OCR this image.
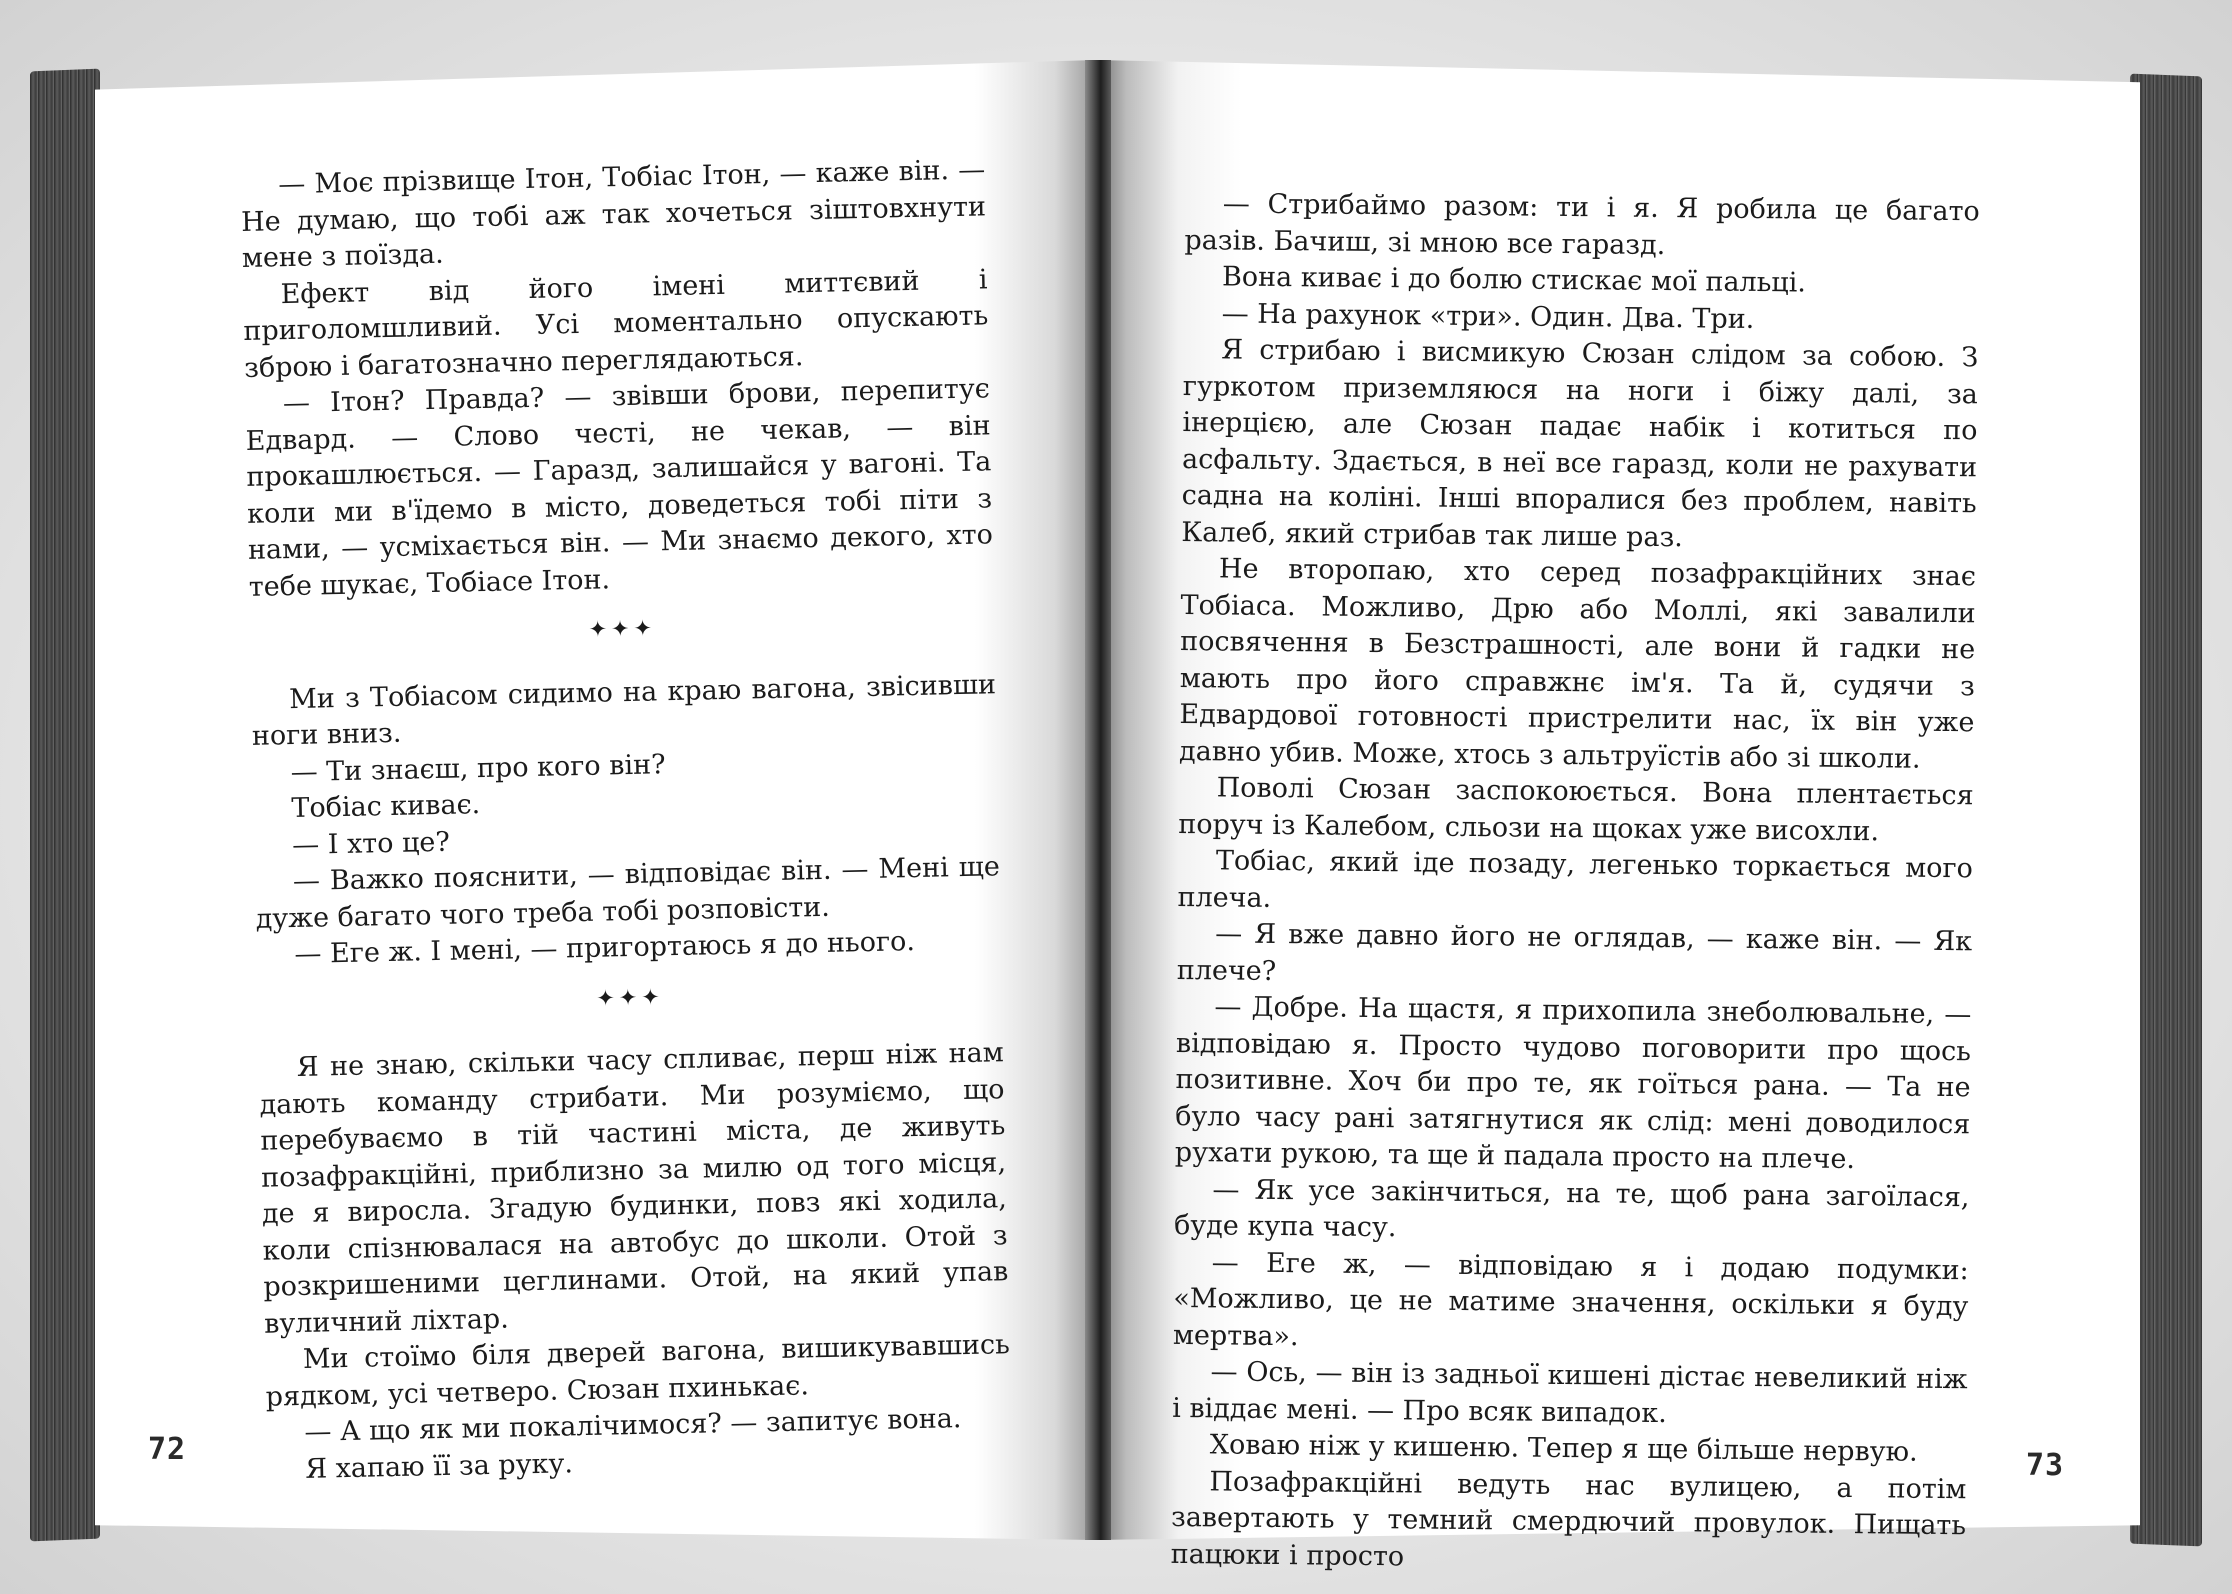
— Моє прізвище Ітон, Тобіас Ітон, — каже він. — Не думаю, що тобі аж так хочеться зіштовхнути мене з поїзда.

Ефект від його імені миттєвий і приголомшливий. Усі моментально опускають зброю і багатозначно переглядаються.

— Ітон? Правда? — звівши брови, перепитує Едвард. — Слово честі, не чекав, — він прокашлюється. — Гаразд, залишайся у вагоні. Та коли ми в'їдемо в місто, доведеться тобі піти з нами, — усміхається він. — Ми знаємо декого, хто тебе шукає, Тобіасе Ітон.

✦✦✦

Ми з Тобіасом сидимо на краю вагона, звісивши ноги вниз.

— Ти знаєш, про кого він?

Тобіас киває.

— І хто це?

— Важко пояснити, — відповідає він. — Мені ще дуже багато чого треба тобі розповісти.

— Еге ж. І мені, — пригортаюсь я до нього.

✦✦✦

Я не знаю, скільки часу спливає, перш ніж нам дають команду стрибати. Ми розуміємо, що перебуваємо в тій частині міста, де живуть позафракційні, приблизно за милю од того місця, де я виросла. Згадую будинки, повз які ходила, коли спізнювалася на автобус до школи. Отой з розкришеними цеглинами. Отой, на який упав вуличний ліхтар.

Ми стоїмо біля дверей вагона, вишикувавшись рядком, усі четверо. Сюзан пхинькає.

— А що як ми покалічимося? — запитує вона.

Я хапаю її за руку.

72

— Стрибаймо разом: ти і я. Я робила це багато разів. Бачиш, зі мною все гаразд.

Вона киває і до болю стискає мої пальці.

— На рахунок «три». Один. Два. Три.

Я стрибаю і висмикую Сюзан слідом за собою. З гуркотом приземляюся на ноги і біжу далі, за інерцією, але Сюзан падає набік і котиться по асфальту. Здається, в неї все гаразд, коли не рахувати садна на коліні. Інші впоралися без проблем, навіть Калеб, який стрибав так лише раз.

Не второпаю, хто серед позафракційних знає Тобіаса. Можливо, Дрю або Моллі, які завалили посвячення в Безстрашності, але вони й гадки не мають про його справжнє ім'я. Та й, судячи з Едвардової готовності пристрелити нас, їх він уже давно убив. Може, хтось з альтруїстів або зі школи.

Поволі Сюзан заспокоюється. Вона плентається поруч із Калебом, сльози на щоках уже висохли.

Тобіас, який іде позаду, легенько торкається мого плеча.

— Я вже давно його не оглядав, — каже він. — Як плече?

— Добре. На щастя, я прихопила знеболювальне, — відповідаю я. Просто чудово поговорити про щось позитивне. Хоч би про те, як гоїться рана. — Та не було часу рані затягнутися як слід: мені доводилося рухати рукою, та ще й падала просто на плече.

— Як усе закінчиться, на те, щоб рана загоїлася, буде купа часу.

— Еге ж, — відповідаю я і додаю подумки: «Можливо, це не матиме значення, оскільки я буду мертва».

— Ось, — він із задньої кишені дістає невеликий ніж і віддає мені. — Про всяк випадок.

Ховаю ніж у кишеню. Тепер я ще більше нервую.

Позафракційні ведуть нас вулицею, а потім завертають у темний смердючий провулок. Пищать пацюки і просто

73
